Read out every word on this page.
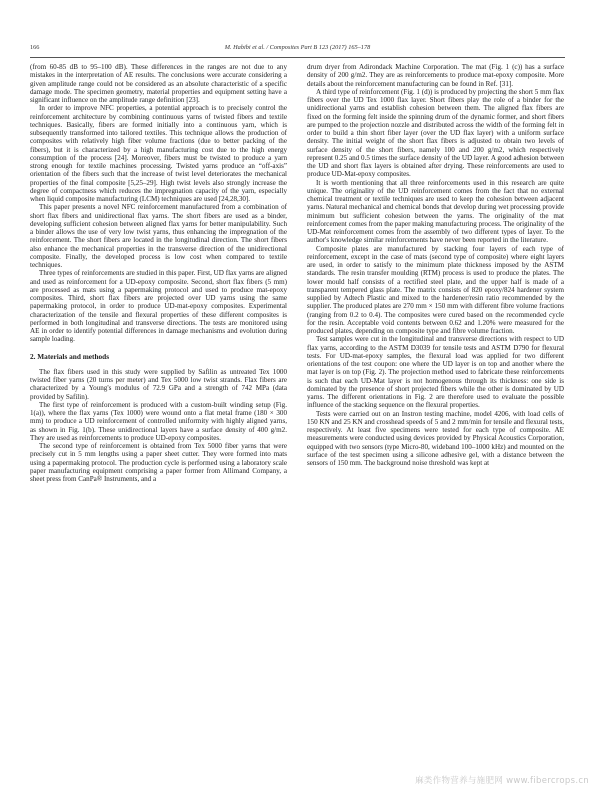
166	M. Habibi et al. / Composites Part B 123 (2017) 165–178

(from 60-85 dB to 95–100 dB). These differences in the ranges are not due to any mistakes in the interpretation of AE results. The conclusions were accurate considering a given amplitude range could not be considered as an absolute characteristic of a specific damage mode. The specimen geometry, material properties and equipment setting have a significant influence on the amplitude range definition [23].

In order to improve NFC properties, a potential approach is to precisely control the reinforcement architecture by combining continuous yarns of twisted fibers and textile techniques. Basically, fibers are formed initially into a continuous yarn, which is subsequently transformed into tailored textiles. This technique allows the production of composites with relatively high fiber volume fractions (due to better packing of the fibers), but it is characterized by a high manufacturing cost due to the high energy consumption of the process [24]. Moreover, fibers must be twisted to produce a yarn strong enough for textile machines processing. Twisted yarns produce an “off-axis” orientation of the fibers such that the increase of twist level deteriorates the mechanical properties of the final composite [5,25–29]. High twist levels also strongly increase the degree of compactness which reduces the impregnation capacity of the yarn, especially when liquid composite manufacturing (LCM) techniques are used [24,28,30].

This paper presents a novel NFC reinforcement manufactured from a combination of short flax fibers and unidirectional flax yarns. The short fibers are used as a binder, developing sufficient cohesion between aligned flax yarns for better manipulability. Such a binder allows the use of very low twist yarns, thus enhancing the impregnation of the reinforcement. The short fibers are located in the longitudinal direction. The short fibers also enhance the mechanical properties in the transverse direction of the unidirectional composite. Finally, the developed process is low cost when compared to textile techniques.

Three types of reinforcements are studied in this paper. First, UD flax yarns are aligned and used as reinforcement for a UD-epoxy composite. Second, short flax fibers (5 mm) are processed as mats using a papermaking protocol and used to produce mat-epoxy composites. Third, short flax fibers are projected over UD yarns using the same papermaking protocol, in order to produce UD-mat-epoxy composites. Experimental characterization of the tensile and flexural properties of these different composites is performed in both longitudinal and transverse directions. The tests are monitored using AE in order to identify potential differences in damage mechanisms and evolution during sample loading.

2. Materials and methods

The flax fibers used in this study were supplied by Safilin as untreated Tex 1000 twisted fiber yarns (20 turns per meter) and Tex 5000 low twist strands. Flax fibers are characterized by a Young's modulus of 72.9 GPa and a strength of 742 MPa (data provided by Safilin).

The first type of reinforcement is produced with a custom-built winding setup (Fig. 1(a)), where the flax yarns (Tex 1000) were wound onto a flat metal frame (180 × 300 mm) to produce a UD reinforcement of controlled uniformity with highly aligned yarns, as shown in Fig. 1(b). These unidirectional layers have a surface density of 400 g/m2. They are used as reinforcements to produce UD-epoxy composites.

The second type of reinforcement is obtained from Tex 5000 fiber yarns that were precisely cut in 5 mm lengths using a paper sheet cutter. They were formed into mats using a papermaking protocol. The production cycle is performed using a laboratory scale paper manufacturing equipment comprising a paper former from Allimand Company, a sheet press from CanPa® Instruments, and a

drum dryer from Adirondack Machine Corporation. The mat (Fig. 1 (c)) has a surface density of 200 g/m2. They are as reinforcements to produce mat-epoxy composite. More details about the reinforcement manufacturing can be found in Ref. [31].

A third type of reinforcement (Fig. 1 (d)) is produced by projecting the short 5 mm flax fibers over the UD Tex 1000 flax layer. Short fibers play the role of a binder for the unidirectional yarns and establish cohesion between them. The aligned flax fibers are fixed on the forming felt inside the spinning drum of the dynamic former, and short fibers are pumped to the projection nozzle and distributed across the width of the forming felt in order to build a thin short fiber layer (over the UD flax layer) with a uniform surface density. The initial weight of the short flax fibers is adjusted to obtain two levels of surface density of the short fibers, namely 100 and 200 g/m2, which respectively represent 0.25 and 0.5 times the surface density of the UD layer. A good adhesion between the UD and short flax layers is obtained after drying. These reinforcements are used to produce UD-Mat-epoxy composites.

It is worth mentioning that all three reinforcements used in this research are quite unique. The originality of the UD reinforcement comes from the fact that no external chemical treatment or textile techniques are used to keep the cohesion between adjacent yarns. Natural mechanical and chemical bonds that develop during wet processing provide minimum but sufficient cohesion between the yarns. The originality of the mat reinforcement comes from the paper making manufacturing process. The originality of the UD-Mat reinforcement comes from the assembly of two different types of layer. To the author's knowledge similar reinforcements have never been reported in the literature.

Composite plates are manufactured by stacking four layers of each type of reinforcement, except in the case of mats (second type of composite) where eight layers are used, in order to satisfy to the minimum plate thickness imposed by the ASTM standards. The resin transfer moulding (RTM) process is used to produce the plates. The lower mould half consists of a rectified steel plate, and the upper half is made of a transparent tempered glass plate. The matrix consists of 820 epoxy/824 hardener system supplied by Adtech Plastic and mixed to the hardener/resin ratio recommended by the supplier. The produced plates are 270 mm × 150 mm with different fibre volume fractions (ranging from 0.2 to 0.4). The composites were cured based on the recommended cycle for the resin. Acceptable void contents between 0.62 and 1.20% were measured for the produced plates, depending on composite type and fibre volume fraction.

Test samples were cut in the longitudinal and transverse directions with respect to UD flax yarns, according to the ASTM D3039 for tensile tests and ASTM D790 for flexural tests. For UD-mat-epoxy samples, the flexural load was applied for two different orientations of the test coupon: one where the UD layer is on top and another where the mat layer is on top (Fig. 2). The projection method used to fabricate these reinforcements is such that each UD-Mat layer is not homogenous through its thickness: one side is dominated by the presence of short projected fibers while the other is dominated by UD yarns. The different orientations in Fig. 2 are therefore used to evaluate the possible influence of the stacking sequence on the flexural properties.

Tests were carried out on an Instron testing machine, model 4206, with load cells of 150 KN and 25 KN and crosshead speeds of 5 and 2 mm/min for tensile and flexural tests, respectively. At least five specimens were tested for each type of composite. AE measurements were conducted using devices provided by Physical Acoustics Corporation, equipped with two sensors (type Micro-80, wideband 100–1000 kHz) and mounted on the surface of the test specimen using a silicone adhesive gel, with a distance between the sensors of 150 mm. The background noise threshold was kept at

麻类作物营养与施肥网 www.fibercrops.cn
